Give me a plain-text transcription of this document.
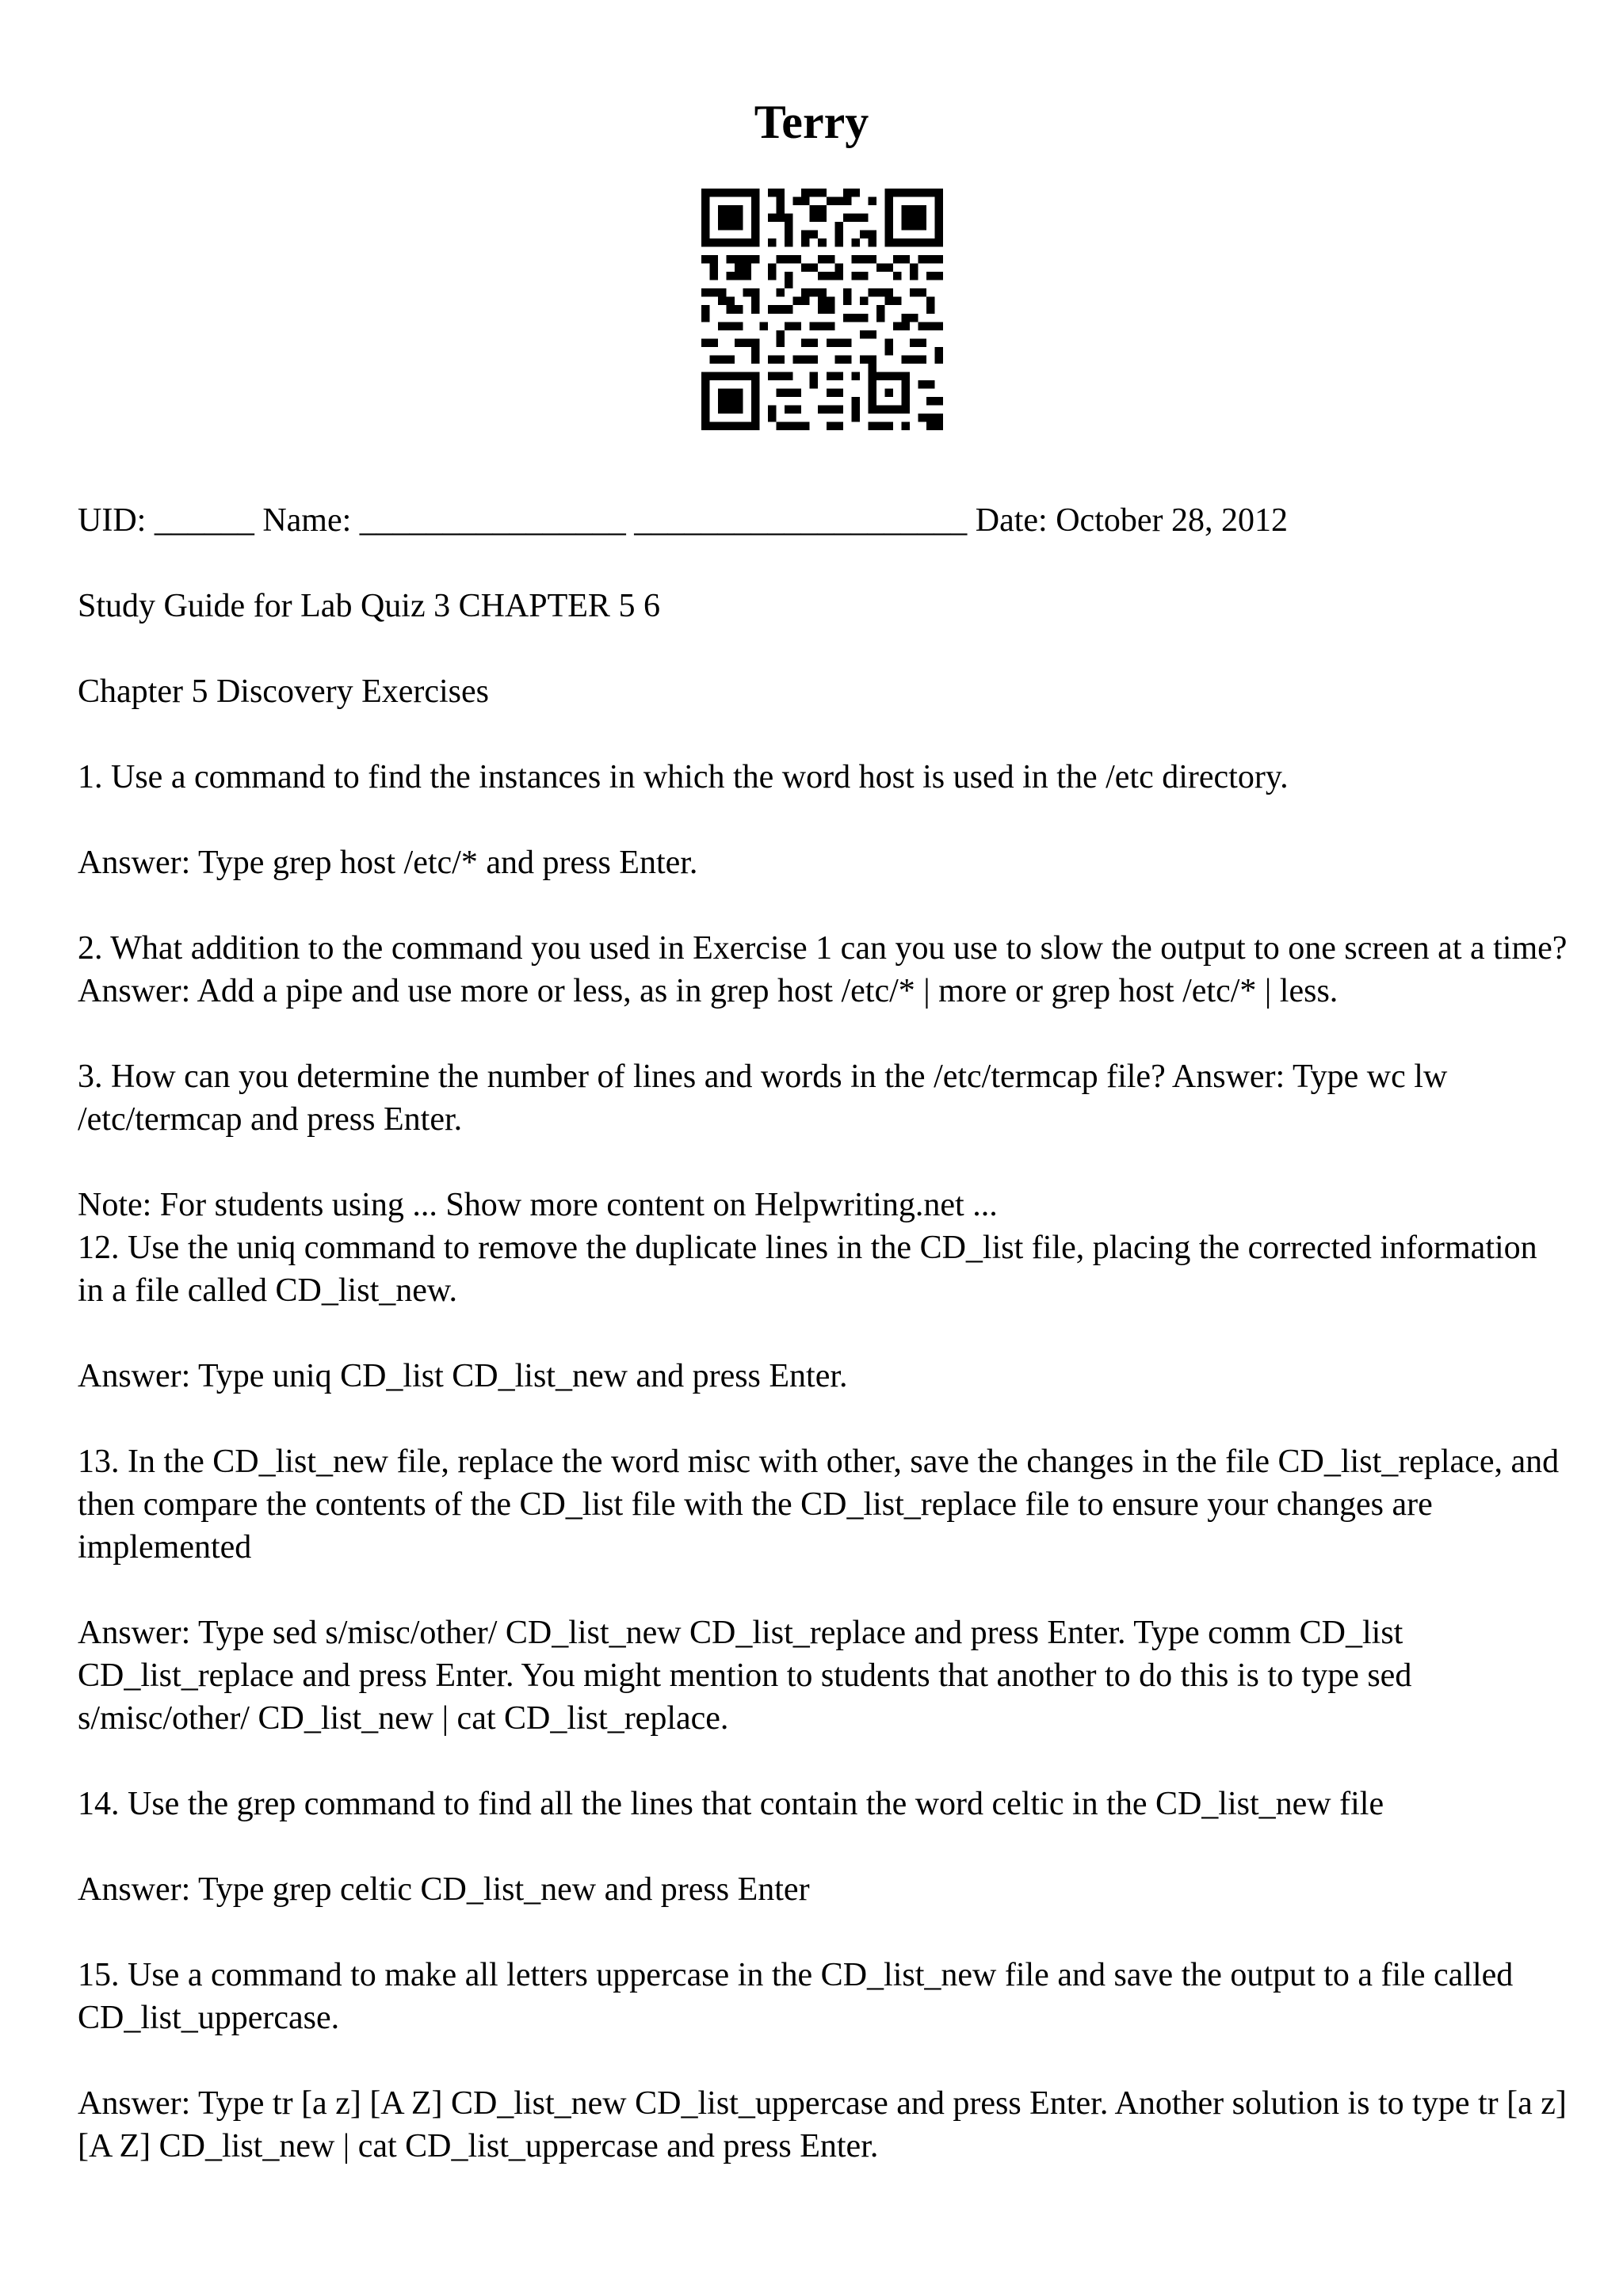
Terry

UID: ______ Name: ________________ ____________________ Date: October 28, 2012

Study Guide for Lab Quiz 3 CHAPTER 5 6

Chapter 5 Discovery Exercises

1. Use a command to find the instances in which the word host is used in the /etc directory.

Answer: Type grep host /etc/* and press Enter.

2. What addition to the command you used in Exercise 1 can you use to slow the output to one screen at a time? Answer: Add a pipe and use more or less, as in grep host /etc/* | more or grep host /etc/* | less.

3. How can you determine the number of lines and words in the /etc/termcap file? Answer: Type wc lw /etc/termcap and press Enter.

Note: For students using ... Show more content on Helpwriting.net ...

12. Use the uniq command to remove the duplicate lines in the CD_list file, placing the corrected information in a file called CD_list_new.

Answer: Type uniq CD_list CD_list_new and press Enter.

13. In the CD_list_new file, replace the word misc with other, save the changes in the file CD_list_replace, and then compare the contents of the CD_list file with the CD_list_replace file to ensure your changes are implemented

Answer: Type sed s/misc/other/ CD_list_new CD_list_replace and press Enter. Type comm CD_list CD_list_replace and press Enter. You might mention to students that another to do this is to type sed s/misc/other/ CD_list_new | cat CD_list_replace.

14. Use the grep command to find all the lines that contain the word celtic in the CD_list_new file

Answer: Type grep celtic CD_list_new and press Enter

15. Use a command to make all letters uppercase in the CD_list_new file and save the output to a file called CD_list_uppercase.

Answer: Type tr [a z] [A Z] CD_list_new CD_list_uppercase and press Enter. Another solution is to type tr [a z] [A Z] CD_list_new | cat CD_list_uppercase and press Enter.
